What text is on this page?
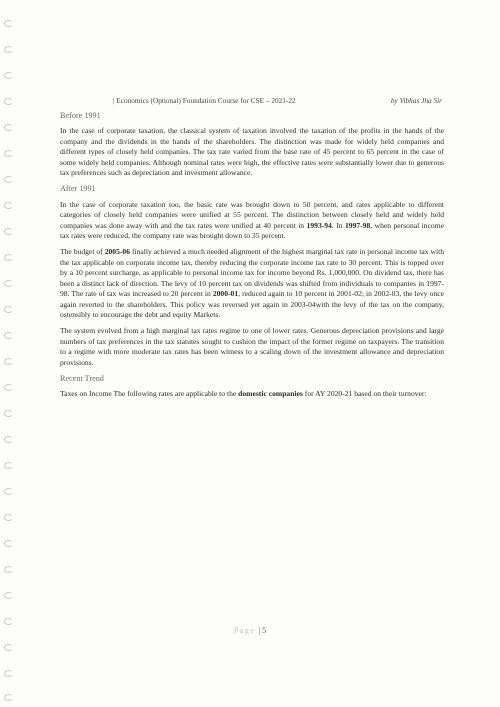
| Economics (Optional) Foundation Course for CSE – 2021-22	by Vibhas Jha Sir
Before 1991

In the case of corporate taxation, the classical system of taxation involved the taxation of the profits in the hands of the company and the dividends in the hands of the shareholders. The distinction was made for widely held companies and different types of closely held companies. The tax rate varied from the base rate of 45 percent to 65 percent in the case of some widely held companies. Although nominal rates were high, the effective rates were substantially lower due to generous tax preferences such as depreciation and investment allowance.

After 1991

In the case of corporate taxation too, the basic rate was brought down to 50 percent, and rates applicable to different categories of closely held companies were unified at 55 percent. The distinction between closely held and widely held companies was done away with and the tax rates were unified at 40 percent in 1993-94. In 1997-98, when personal income tax rates were reduced, the company rate was brought down to 35 percent.

The budget of 2005-06 finally achieved a much needed alignment of the highest marginal tax rate in personal income tax with the tax applicable on corporate income tax, thereby reducing the corporate income tax rate to 30 percent. This is topped over by a 10 percent surcharge, as applicable to personal income tax for income beyond Rs. 1,000,000. On dividend tax, there has been a distinct lack of direction. The levy of 10 percent tax on dividends was shifted from individuals to companies in 1997-98. The rate of tax was increased to 20 percent in 2000-01, reduced again to 10 percent in 2001-02; in 2002-03, the levy once again reverted to the shareholders. This policy was reversed yet again in 2003-04with the levy of the tax on the company, ostensibly to encourage the debt and equity Markets.

The system evolved from a high marginal tax rates regime to one of lower rates. Generous depreciation provisions and large numbers of tax preferences in the tax statutes sought to cushion the impact of the former regime on taxpayers. The transition to a regime with more moderate tax rates has been witness to a scaling down of the investment allowance and depreciation provisions.

Recent Trend

Taxes on Income The following rates are applicable to the domestic companies for AY 2020-21 based on their turnover:

Page | 5
